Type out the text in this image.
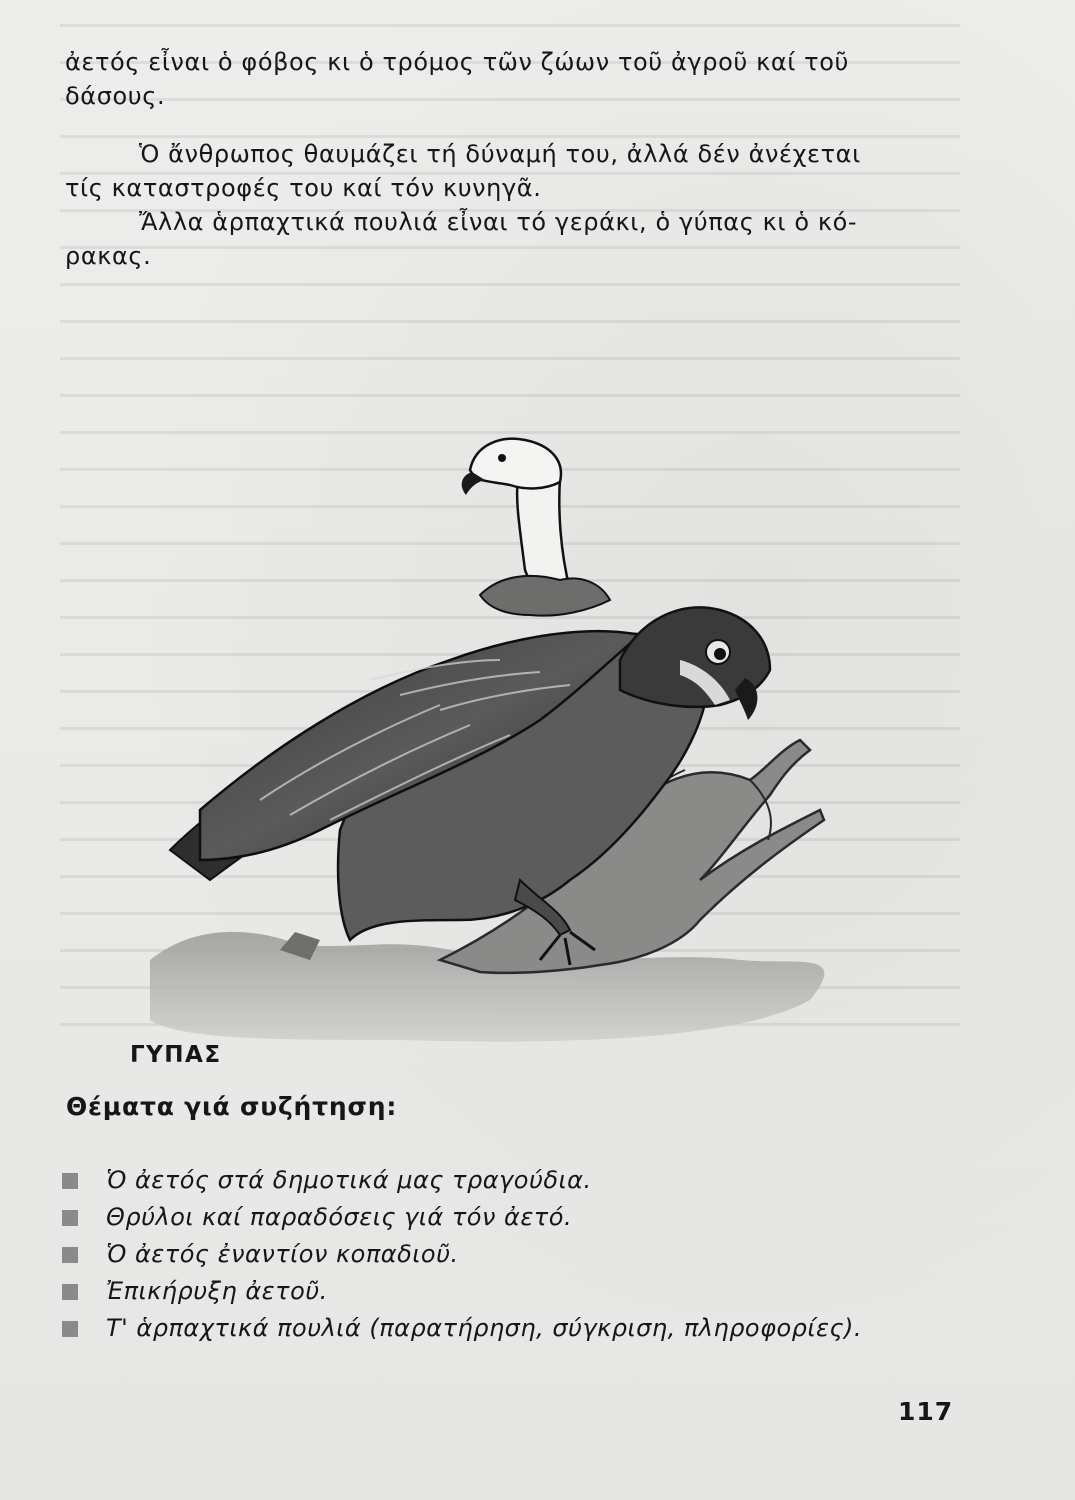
ἀετός εἶναι ὁ φόβος κι ὁ τρόμος τῶν ζώων τοῦ ἀγροῦ καί τοῦ
δάσους.

Ὁ ἄνθρωπος θαυμάζει τή δύναμή του, ἀλλά δέν ἀνέχεται
τίς καταστροφές του καί τόν κυνηγᾶ.

Ἄλλα ἁρπαχτικά πουλιά εἶναι τό γεράκι, ὁ γύπας κι ὁ κό-
ρακας.

ΓΥΠΑΣ

Θέματα γιά συζήτηση:

Ὁ ἀετός στά δημοτικά μας τραγούδια.
Θρύλοι καί παραδόσεις γιά τόν ἀετό.
Ὁ ἀετός ἐναντίον κοπαδιοῦ.
Ἐπικήρυξη ἀετοῦ.
Τ' ἁρπαχτικά πουλιά (παρατήρηση, σύγκριση, πληροφορίες).

117
